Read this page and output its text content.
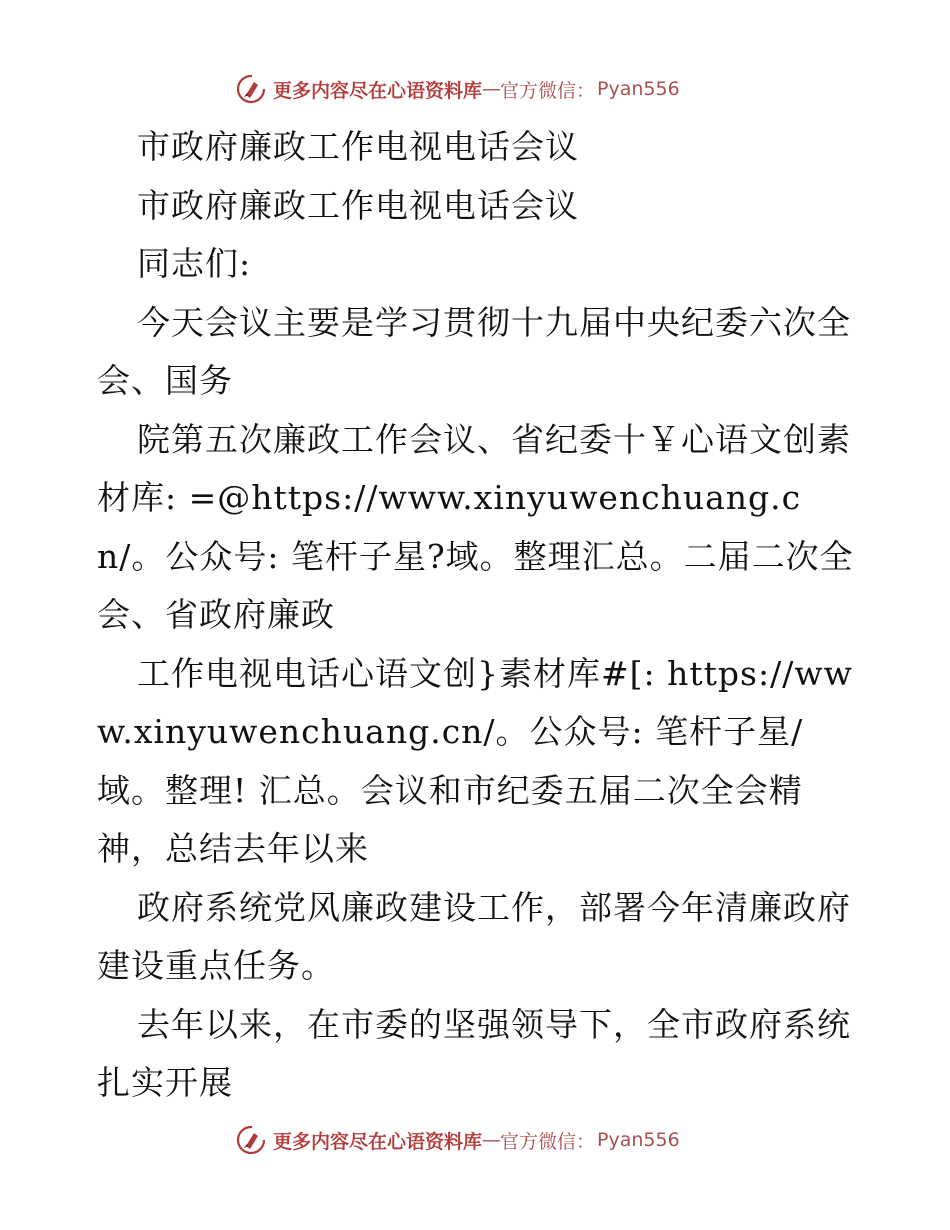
更多内容尽在心语资料库 — 官方微信： Pyan556

市政府廉政工作电视电话会议

市政府廉政工作电视电话会议

同志们:

今天会议主要是学习贯彻十九届中央纪委六次全会、国务

院第五次廉政工作会议、省纪委十￥心语文创素材库: =@https://www.xinyuwenchuang.cn/。公众号: 笔杆子星?域。整理汇总。二届二次全会、省政府廉政

工作电视电话心语文创}素材库#[: https://www.xinyuwenchuang.cn/。公众号: 笔杆子星/域。整理! 汇总。会议和市纪委五届二次全会精神，总结去年以来

政府系统党风廉政建设工作，部署今年清廉政府建设重点任务。

去年以来，在市委的坚强领导下，全市政府系统扎实开展

更多内容尽在心语资料库 — 官方微信： Pyan556
